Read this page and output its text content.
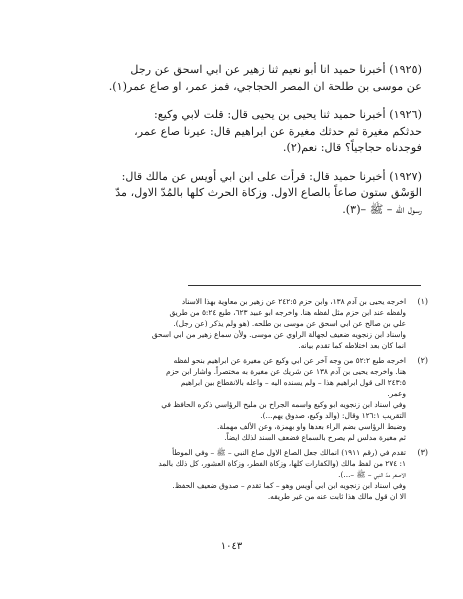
(١٩٢٥) أخبرنا حميد انا أبو نعيم ثنا زهير عن ابي اسحق عن رجل
عن موسى بن طلحة ان المصر الحجاجي، فمز عمر، او صاع عمر(١).
(١٩٢٦) أخبرنا حميد ثنا يحيى بن يحيى قال: قلت لابي وكيع:
حدثكم مغيرة ثم حدثك مغيرة عن ابراهيم قال: عيرنا صاع عمر،
فوجدناه حجاجياً؟ قال: نعم(٢).
(١٩٢٧) أخبرنا حميد قال: قرأت على ابن ابي أويس عن مالك قال:
الوَسْق ستون صاعاً بالصاع الاول. وزكاة الحرث كلها بالمُدّ الاول، مدّ
رسول الله – ﷺ –(٣).
(١)
اخرجه يحيى بن آدم ١٣٨، وابن حزم ٢٤٢:٥ عن زهير بن معاوية بهذا الاسناد
ولفظه عند ابن حزم مثل لفظه هنا. واخرجه ابو عبيد ٦٢٣، طبع ٥:٢٤ من طريق
علي بن صالح عن ابي اسحق عن موسى بن طلحه. (هو ولم يذكر (عن رجل).
واسناد ابن زنجويه ضعيف لجهالة الراوي عن موسى. ولأن سماع زهير من ابي اسحق
انما كان بعد اختلاطه كما تقدم بيانه.
(٢)
اخرجه طبع ٥٢:٢ من وجه آخر عن ابي وكيع عن مغيرة عن ابراهيم بنحو لفظه
هنا. واخرجه يحيى بن آدم ١٣٨ عن شريك عن مغيرة به مختصراً. واشار ابن حزم
٢٤٣:٥ الى قول ابراهيم هذا – ولم يسنده اليه – واعله بالانقطاع بين ابراهيم
وعمر.
وفي اسناد ابن زنجويه ابو وكيع واسمه الجراح بن مليح الرؤاسي ذكره الحافظ في
التقريب ١٢٦:١ وقال: (والد وكيع، صدوق يهم...).
وضبط الرؤاسي بضم الراء بعدها واو بهمزة، وعن الألف مهملة.
ثم مغيرة مدلس لم يصرح بالسماع فضعف السند لذلك ايضاً.
(٣)
تقدم في (رقم ١٩١١) انمالك جعل الصاع الاول صاع النبي – ﷺ – وفي الموطأ
١: ٢٧٤ من لفظ مالك (والكفارات كلها، وزكاة الفطر، وزكاة العشور، كل ذلك بالمد
الاصغر مدّ النبي – ﷺ –...).
وفي اسناد ابن زنجويه ابن ابي أويس وهو – كما تقدم – صدوق ضعيف الحفظ.
الا ان قول مالك هذا ثابت عنه من غير طريقه.
١٠٤٣
